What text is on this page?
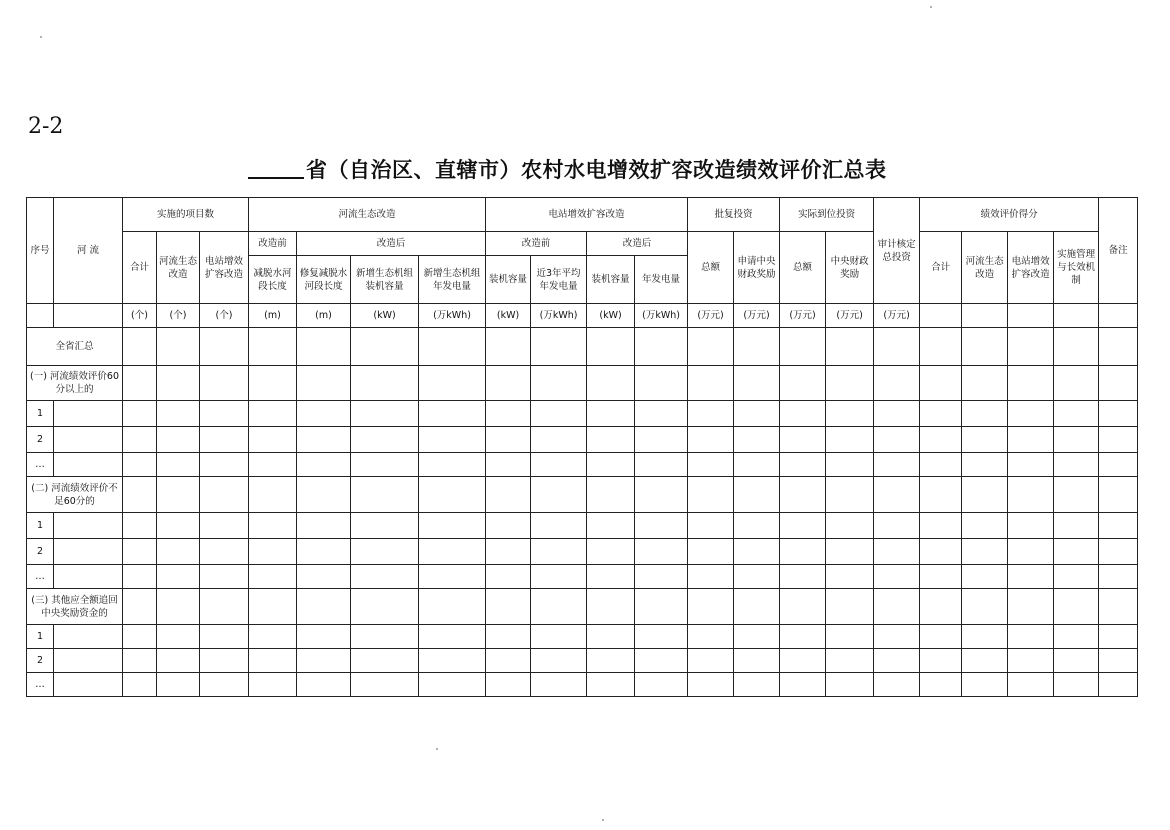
2-2
省（自治区、直辖市）农村水电增效扩容改造绩效评价汇总表
序号	河 流	实施的项目数			河流生态改造				电站增效扩容改造				批复投资		实际到位投资		审计核定总投资	绩效评价得分				备注
		合计	河流生态改造	电站增效扩容改造	改造前	改造后			改造前		改造后		总额	申请中央财政奖励	总额	中央财政奖励		合计	河流生态改造	电站增效扩容改造	实施管理与长效机制	
					减脱水河段长度	修复减脱水河段长度	新增生态机组装机容量	新增生态机组年发电量	装机容量	近3年平均年发电量	装机容量	年发电量										
		(个)	(个)	(个)	(m)	(m)	(kW)	(万kWh)	(kW)	(万kWh)	(kW)	(万kWh)	(万元)	(万元)	(万元)	(万元)	(万元)					
全省汇总																						
(一) 河流绩效评价60分以上的																						
1																						
2																						
…																						
(二) 河流绩效评价不足60分的																						
1																						
2																						
…																						
(三) 其他应全额追回中央奖励资金的																						
1																						
2																						
…																						
